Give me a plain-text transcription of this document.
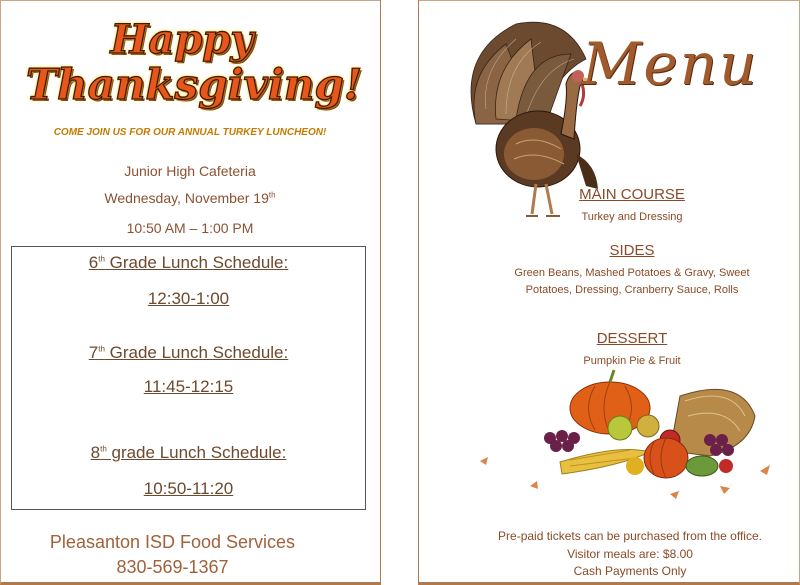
Happy
Thanksgiving!
COME JOIN US FOR OUR ANNUAL TURKEY LUNCHEON!
Junior High Cafeteria
Wednesday, November 19th
10:50 AM – 1:00 PM
6th Grade Lunch Schedule:
12:30-1:00
7th Grade Lunch Schedule:
11:45-12:15
8th grade Lunch Schedule:
10:50-11:20
Pleasanton ISD Food Services
830-569-1367
Menu
MAIN COURSE
Turkey and Dressing
SIDES
Green Beans, Mashed Potatoes & Gravy, Sweet Potatoes, Dressing, Cranberry Sauce, Rolls
DESSERT
Pumpkin Pie & Fruit
Pre-paid tickets can be purchased from the office.
Visitor meals are: $8.00
Cash Payments Only
